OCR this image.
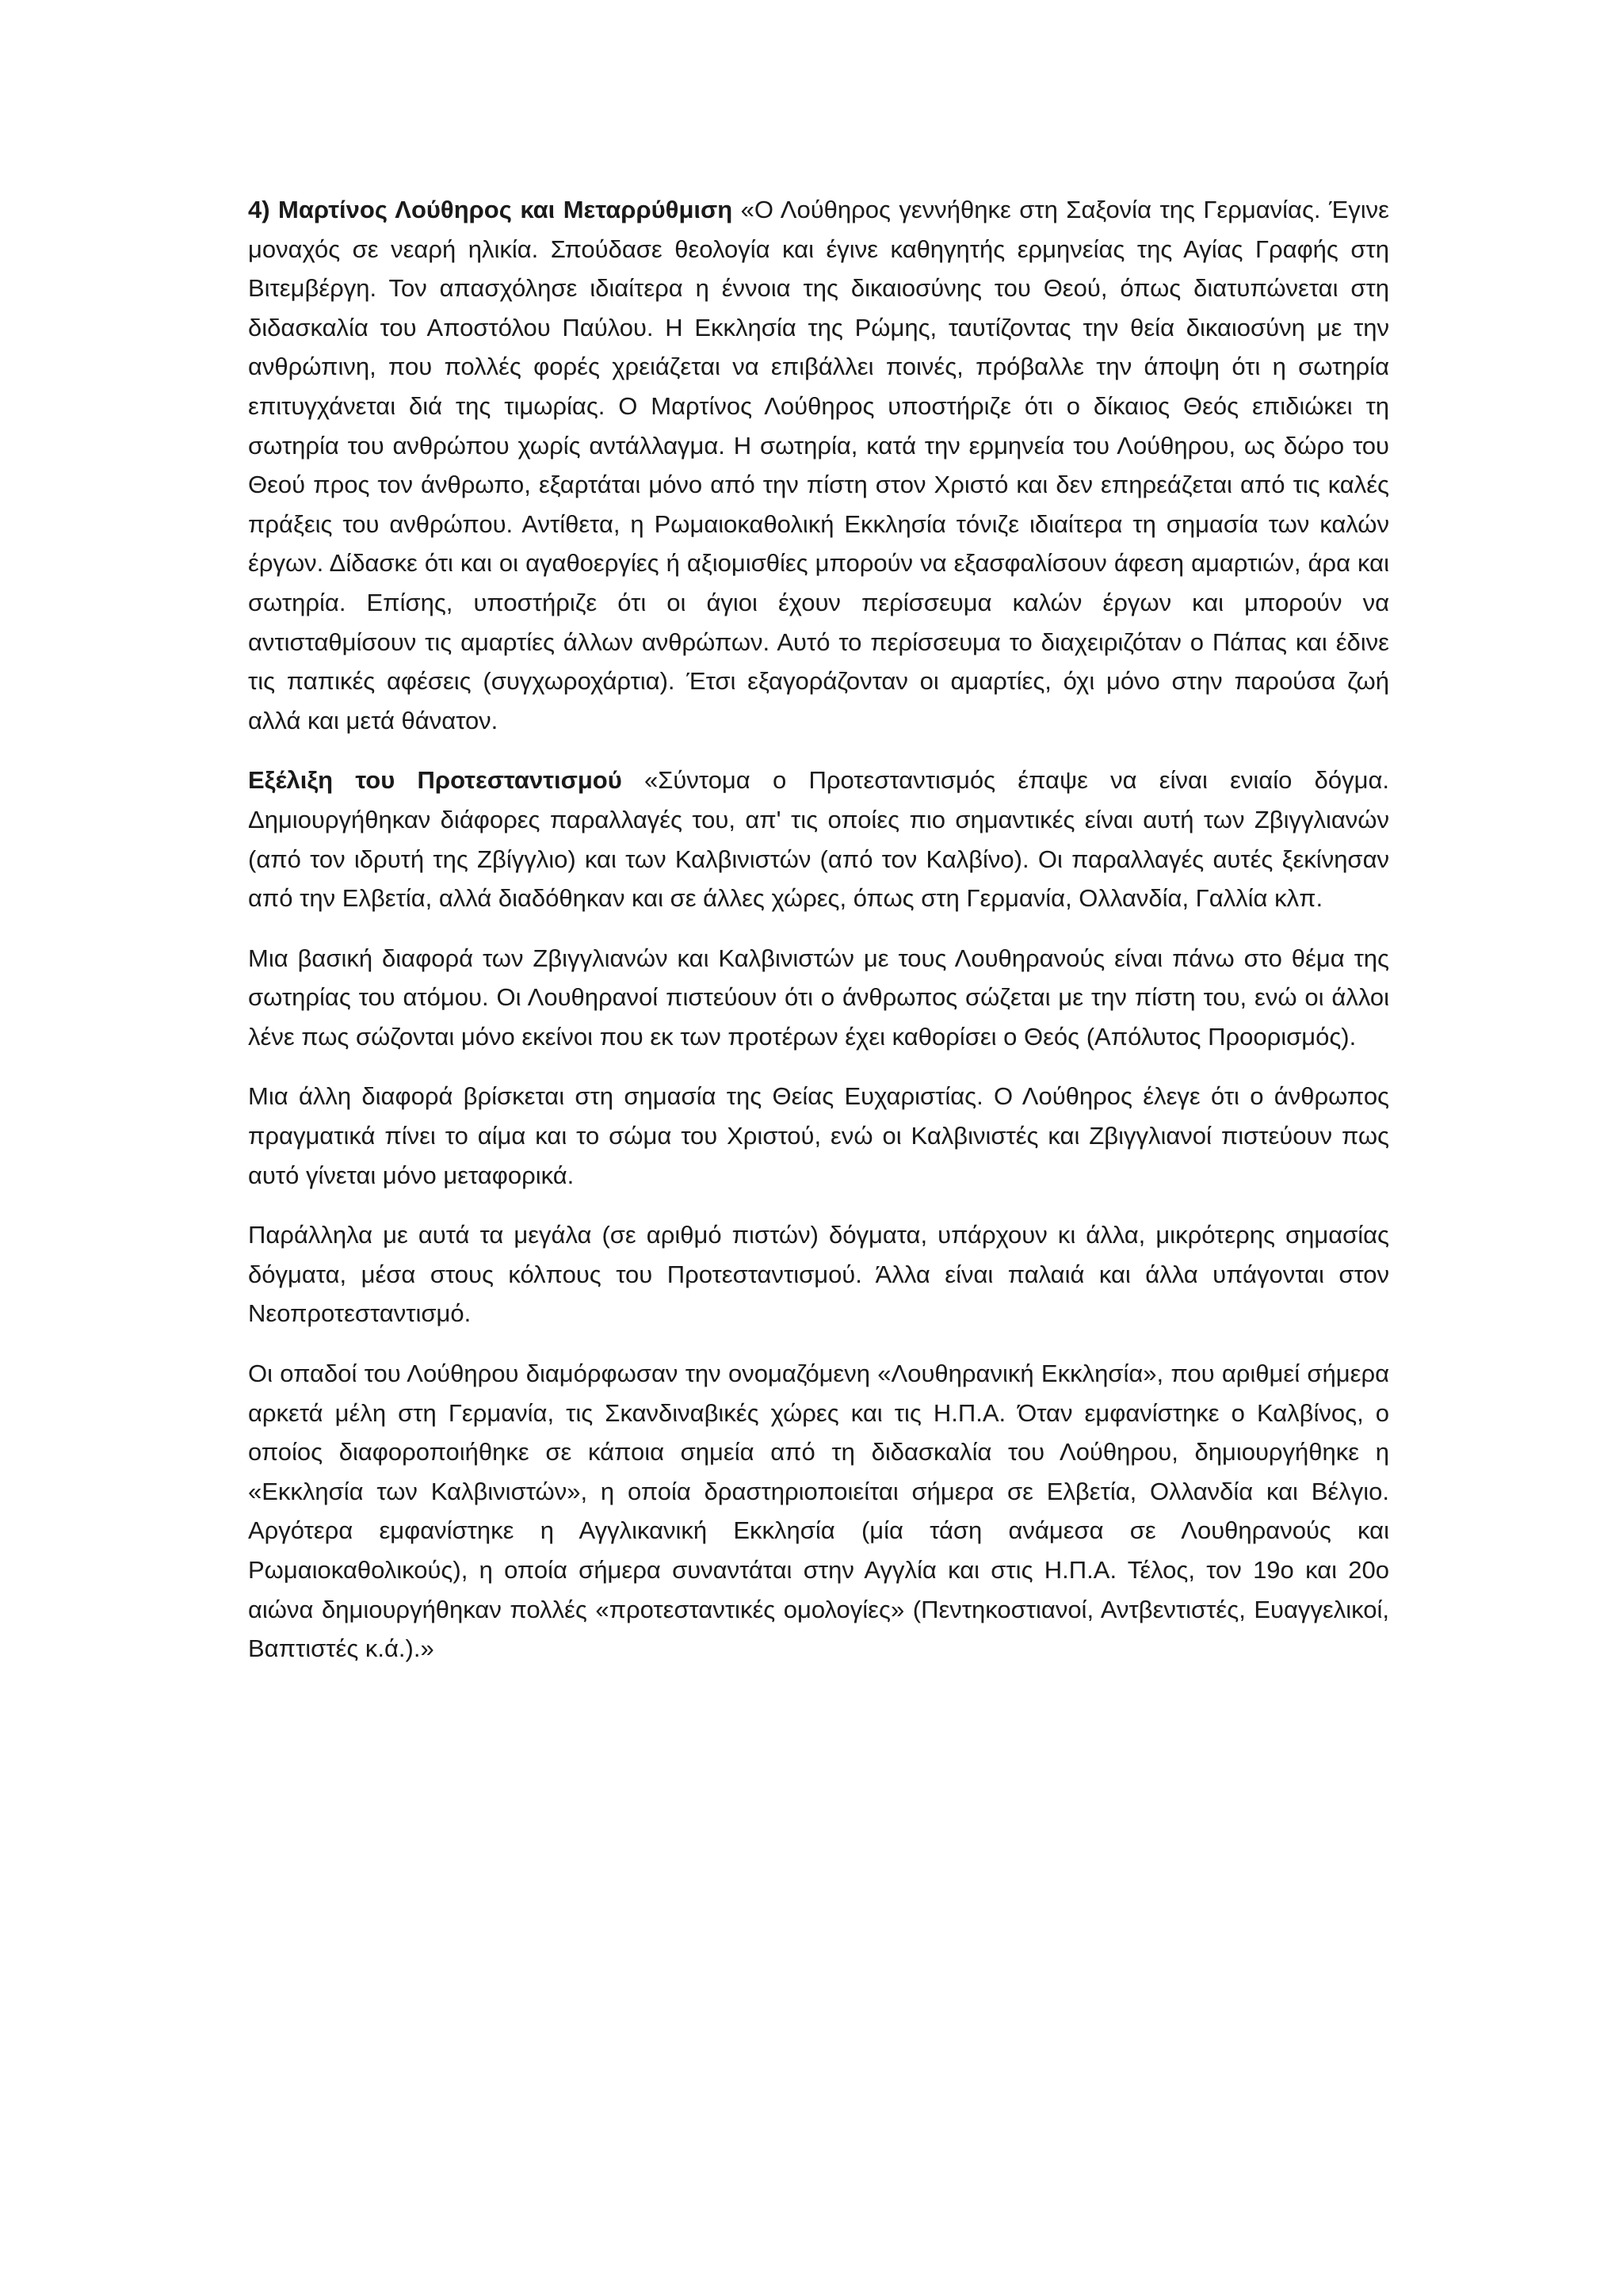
4) Μαρτίνος Λούθηρος και Μεταρρύθμιση «Ο Λούθηρος γεννήθηκε στη Σαξονία της Γερμανίας. Έγινε μοναχός σε νεαρή ηλικία. Σπούδασε θεολογία και έγινε καθηγητής ερμηνείας της Αγίας Γραφής στη Βιτεμβέργη. Τον απασχόλησε ιδιαίτερα η έννοια της δικαιοσύνης του Θεού, όπως διατυπώνεται στη διδασκαλία του Αποστόλου Παύλου. Η Εκκλησία της Ρώμης, ταυτίζοντας την θεία δικαιοσύνη με την ανθρώπινη, που πολλές φορές χρειάζεται να επιβάλλει ποινές, πρόβαλλε την άποψη ότι η σωτηρία επιτυγχάνεται διά της τιμωρίας. Ο Μαρτίνος Λούθηρος υποστήριζε ότι ο δίκαιος Θεός επιδιώκει τη σωτηρία του ανθρώπου χωρίς αντάλλαγμα. Η σωτηρία, κατά την ερμηνεία του Λούθηρου, ως δώρο του Θεού προς τον άνθρωπο, εξαρτάται μόνο από την πίστη στον Χριστό και δεν επηρεάζεται από τις καλές πράξεις του ανθρώπου. Αντίθετα, η Ρωμαιοκαθολική Εκκλησία τόνιζε ιδιαίτερα τη σημασία των καλών έργων. Δίδασκε ότι και οι αγαθοεργίες ή αξιομισθίες μπορούν να εξασφαλίσουν άφεση αμαρτιών, άρα και σωτηρία. Επίσης, υποστήριζε ότι οι άγιοι έχουν περίσσευμα καλών έργων και μπορούν να αντισταθμίσουν τις αμαρτίες άλλων ανθρώπων. Αυτό το περίσσευμα το διαχειριζόταν ο Πάπας και έδινε τις παπικές αφέσεις (συγχωροχάρτια). Έτσι εξαγοράζονταν οι αμαρτίες, όχι μόνο στην παρούσα ζωή αλλά και μετά θάνατον.

Εξέλιξη του Προτεσταντισμού «Σύντομα ο Προτεσταντισμός έπαψε να είναι ενιαίο δόγμα. Δημιουργήθηκαν διάφορες παραλλαγές του, απ' τις οποίες πιο σημαντικές είναι αυτή των Ζβιγγλιανών (από τον ιδρυτή της Ζβίγγλιο) και των Καλβινιστών (από τον Καλβίνο). Οι παραλλαγές αυτές ξεκίνησαν από την Ελβετία, αλλά διαδόθηκαν και σε άλλες χώρες, όπως στη Γερμανία, Ολλανδία, Γαλλία κλπ.

Μια βασική διαφορά των Ζβιγγλιανών και Καλβινιστών με τους Λουθηρανούς είναι πάνω στο θέμα της σωτηρίας του ατόμου. Οι Λουθηρανοί πιστεύουν ότι ο άνθρωπος σώζεται με την πίστη του, ενώ οι άλλοι λένε πως σώζονται μόνο εκείνοι που εκ των προτέρων έχει καθορίσει ο Θεός (Απόλυτος Προορισμός).

Μια άλλη διαφορά βρίσκεται στη σημασία της Θείας Ευχαριστίας. Ο Λούθηρος έλεγε ότι ο άνθρωπος πραγματικά πίνει το αίμα και το σώμα του Χριστού, ενώ οι Καλβινιστές και Ζβιγγλιανοί πιστεύουν πως αυτό γίνεται μόνο μεταφορικά.

Παράλληλα με αυτά τα μεγάλα (σε αριθμό πιστών) δόγματα, υπάρχουν κι άλλα, μικρότερης σημασίας δόγματα, μέσα στους κόλπους του Προτεσταντισμού. Άλλα είναι παλαιά και άλλα υπάγονται στον Νεοπροτεσταντισμό.

Οι οπαδοί του Λούθηρου διαμόρφωσαν την ονομαζόμενη «Λουθηρανική Εκκλησία», που αριθμεί σήμερα αρκετά μέλη στη Γερμανία, τις Σκανδιναβικές χώρες και τις Η.Π.Α. Όταν εμφανίστηκε ο Καλβίνος, ο οποίος διαφοροποιήθηκε σε κάποια σημεία από τη διδασκαλία του Λούθηρου, δημιουργήθηκε η «Εκκλησία των Καλβινιστών», η οποία δραστηριοποιείται σήμερα σε Ελβετία, Ολλανδία και Βέλγιο. Αργότερα εμφανίστηκε η Αγγλικανική Εκκλησία (μία τάση ανάμεσα σε Λουθηρανούς και Ρωμαιοκαθολικούς), η οποία σήμερα συναντάται στην Αγγλία και στις Η.Π.Α. Τέλος, τον 19ο και 20ο αιώνα δημιουργήθηκαν πολλές «προτεσταντικές ομολογίες» (Πεντηκοστιανοί, Αντβεντιστές, Ευαγγελικοί, Βαπτιστές κ.ά.).»
